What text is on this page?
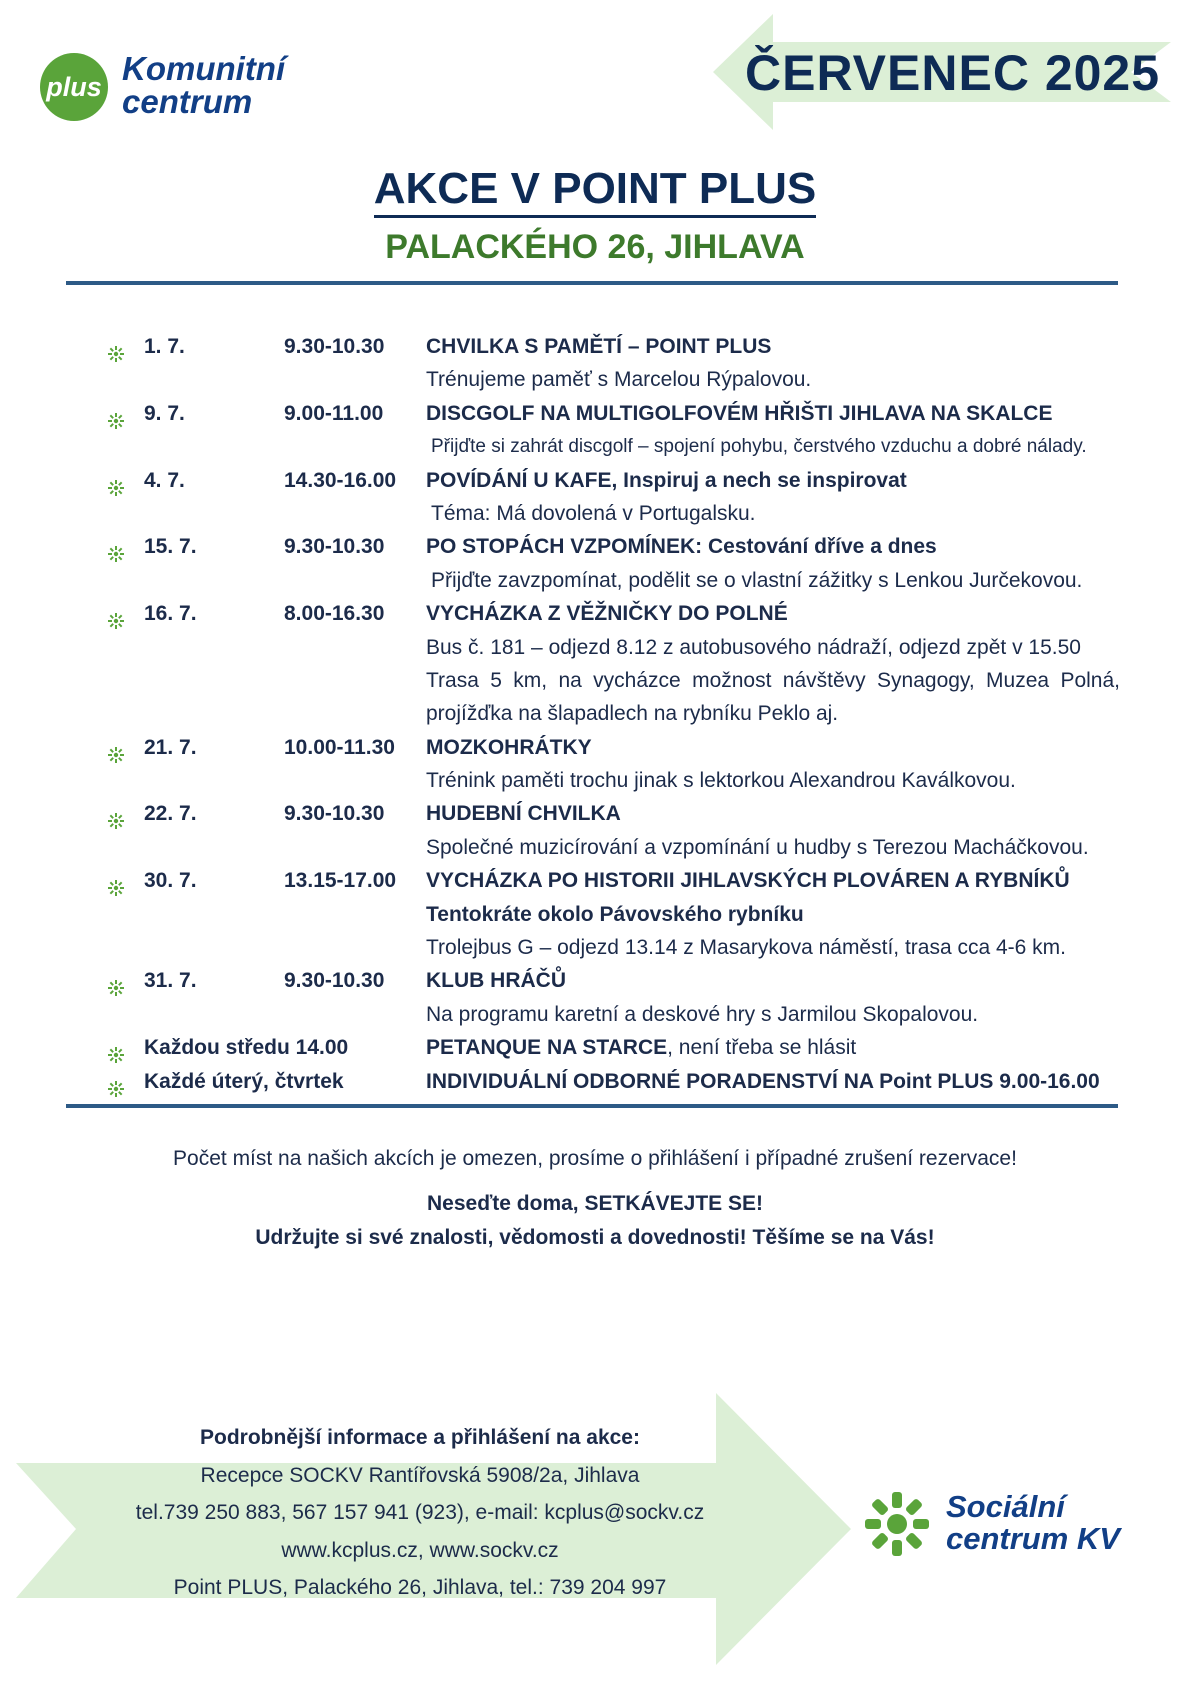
plus Komunitní
centrum
ČERVENEC 2025
AKCE V POINT PLUS
PALACKÉHO 26, JIHLAVA
1. 7.	9.30-10.30 CHVILKA S PAMĚTÍ – POINT PLUS
Trénujeme paměť s Marcelou Rýpalovou.
9. 7.	9.00-11.00 DISCGOLF NA MULTIGOLFOVÉM HŘIŠTI JIHLAVA NA SKALCE
Přijďte si zahrát discgolf – spojení pohybu, čerstvého vzduchu a dobré nálady.
4. 7.	14.30-16.00 POVÍDÁNÍ U KAFE, Inspiruj a nech se inspirovat
Téma: Má dovolená v Portugalsku.
15. 7.	9.30-10.30 PO STOPÁCH VZPOMÍNEK: Cestování dříve a dnes
Přijďte zavzpomínat, podělit se o vlastní zážitky s Lenkou Jurčekovou.
16. 7.	8.00-16.30 VYCHÁZKA Z VĚŽNIČKY DO POLNÉ
Bus č. 181 – odjezd 8.12 z autobusového nádraží, odjezd zpět v 15.50
Trasa 5 km, na vycházce možnost návštěvy Synagogy, Muzea Polná,
projížďka na šlapadlech na rybníku Peklo aj.
21. 7.	10.00-11.30 MOZKOHRÁTKY
Trénink paměti trochu jinak s lektorkou Alexandrou Kaválkovou.
22. 7.	9.30-10.30 HUDEBNÍ CHVILKA
Společné muzicírování a vzpomínání u hudby s Terezou Macháčkovou.
30. 7.	13.15-17.00 VYCHÁZKA PO HISTORII JIHLAVSKÝCH PLOVÁREN A RYBNÍKŮ
Tentokráte okolo Pávovského rybníku
Trolejbus G – odjezd 13.14 z Masarykova náměstí, trasa cca 4-6 km.
31. 7.	9.30-10.30 KLUB HRÁČŮ
Na programu karetní a deskové hry s Jarmilou Skopalovou.
Každou středu 14.00	PETANQUE NA STARCE, není třeba se hlásit
Každé úterý, čtvrtek	INDIVIDUÁLNÍ ODBORNÉ PORADENSTVÍ NA Point PLUS 9.00-16.00
Počet míst na našich akcích je omezen, prosíme o přihlášení i případné zrušení rezervace!
Neseďte doma, SETKÁVEJTE SE!
Udržujte si své znalosti, vědomosti a dovednosti! Těšíme se na Vás!
Podrobnější informace a přihlášení na akce:
Recepce SOCKV Rantířovská 5908/2a, Jihlava
tel.739 250 883, 567 157 941 (923), e-mail: kcplus@sockv.cz
www.kcplus.cz, www.sockv.cz
Point PLUS, Palackého 26, Jihlava, tel.: 739 204 997
Sociální
centrum KV
